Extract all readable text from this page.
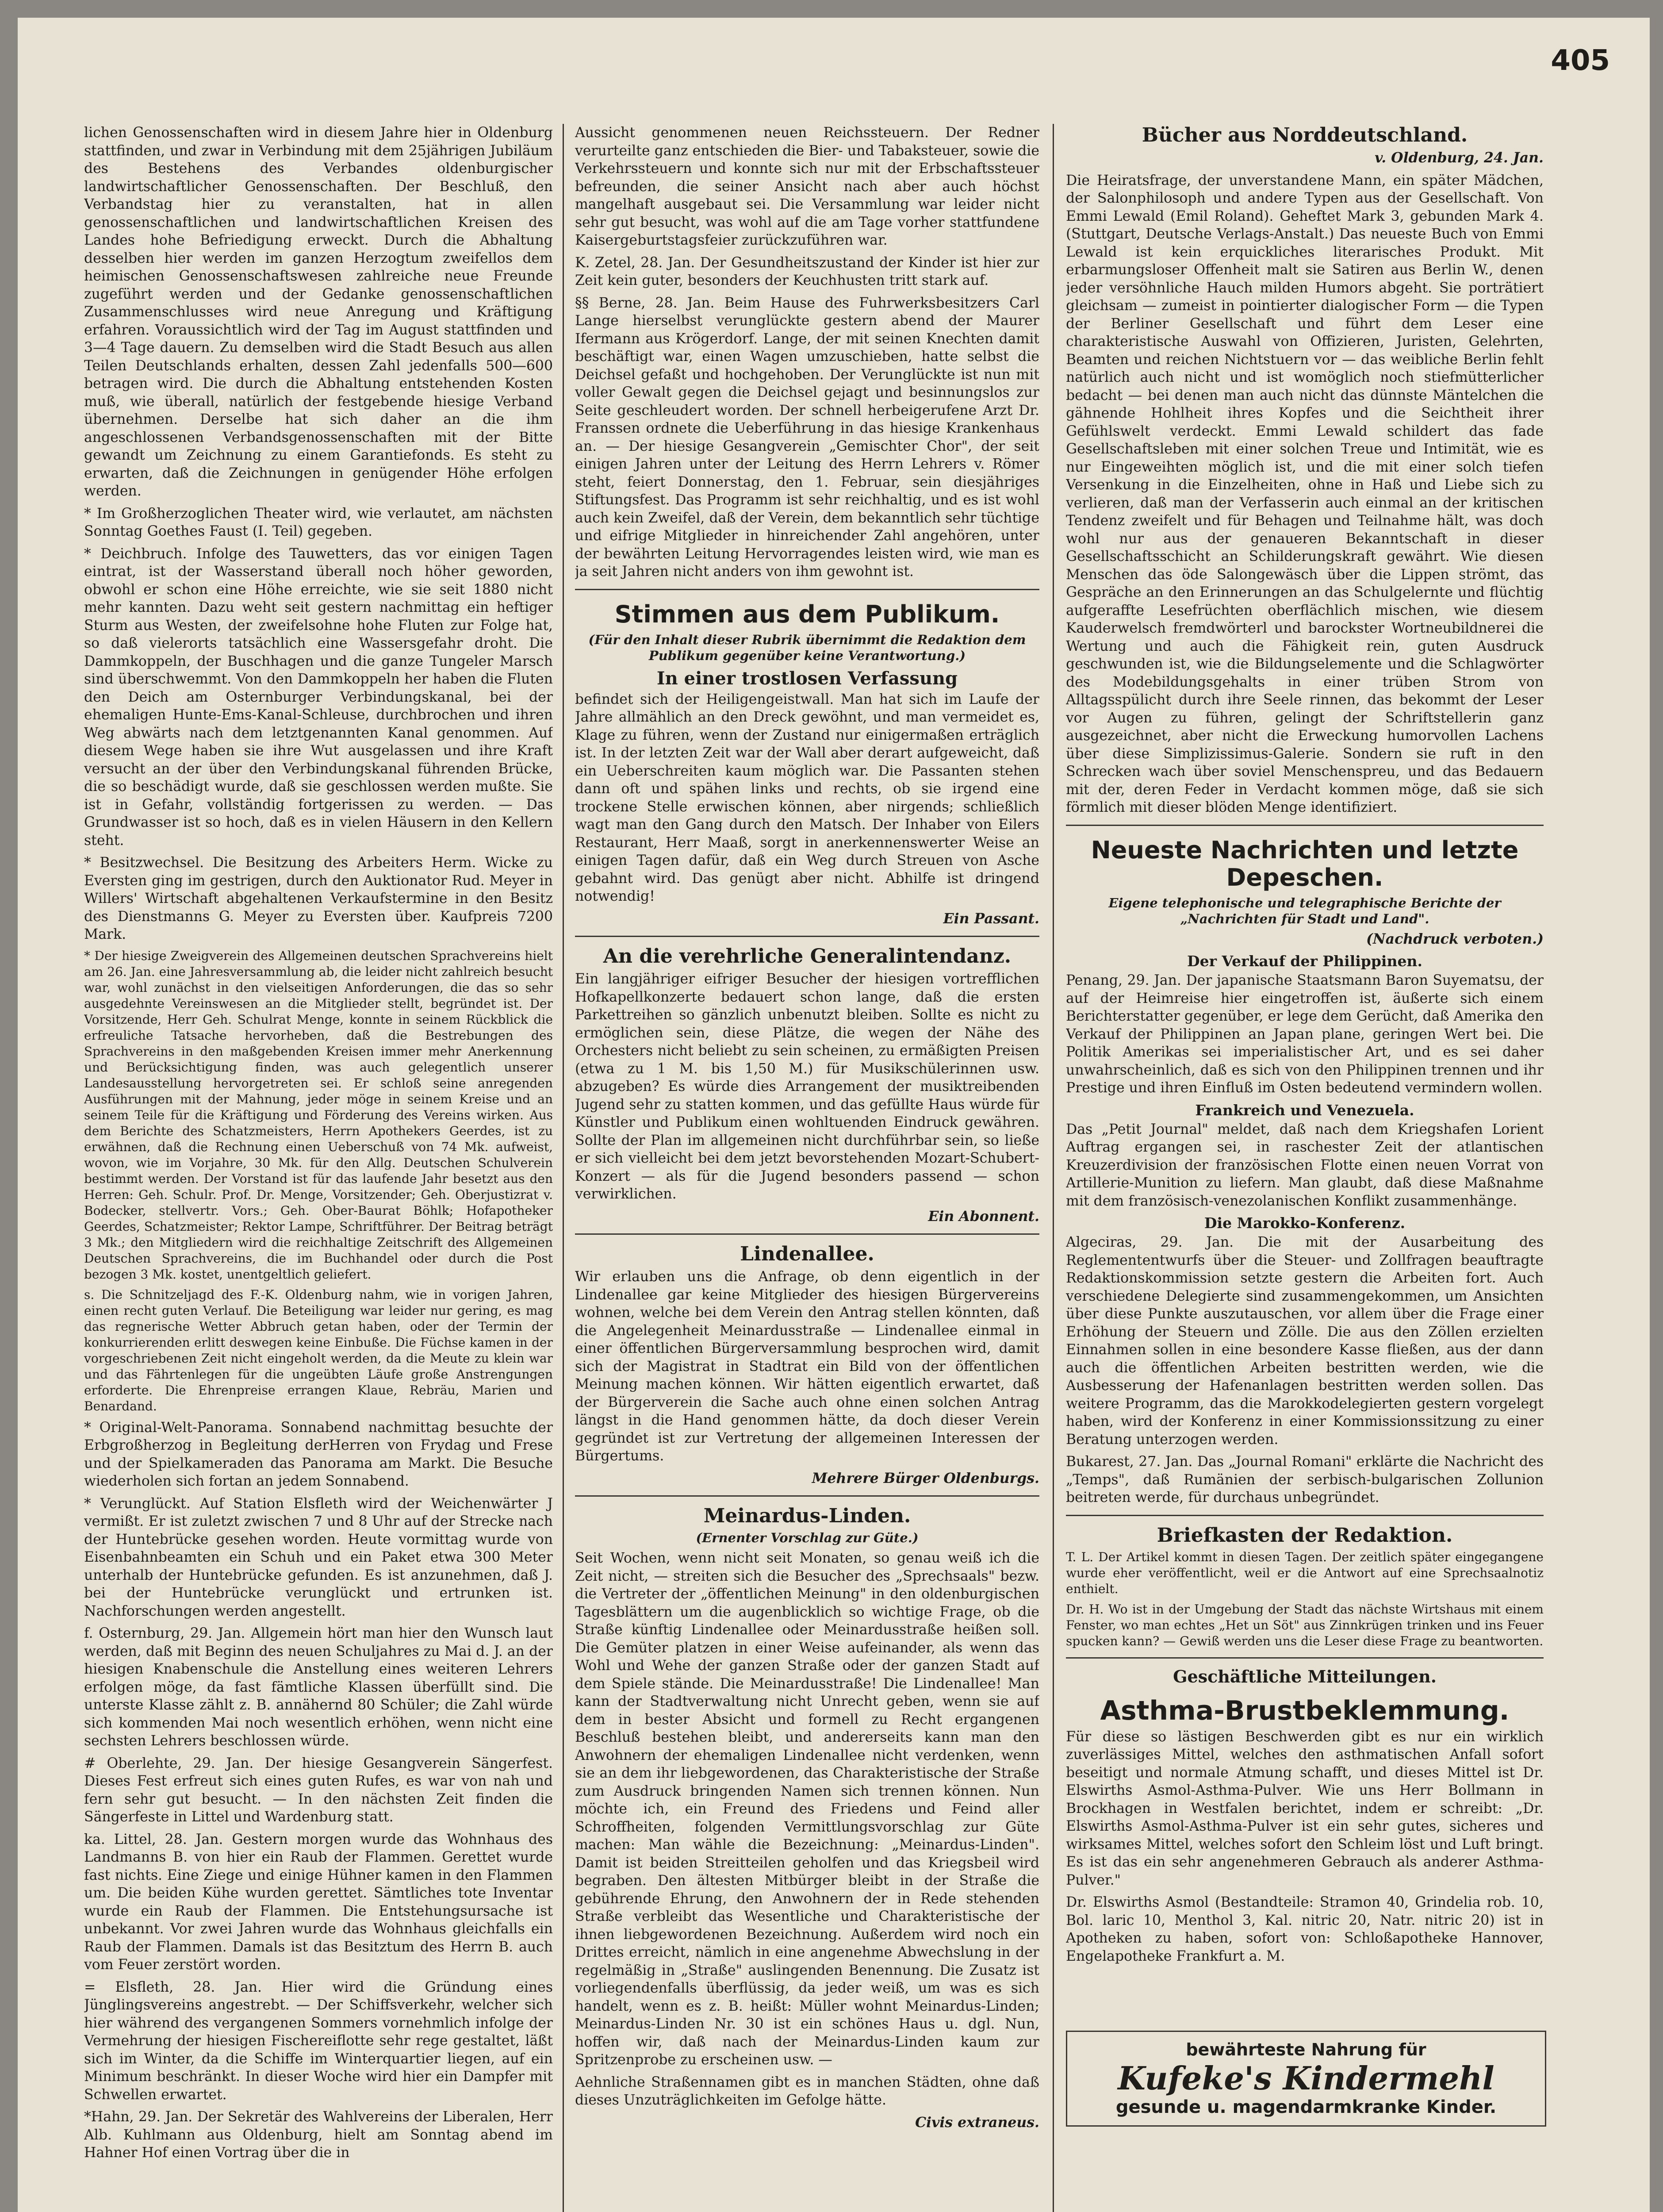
405

lichen Genossenschaften wird in diesem Jahre hier in Oldenburg stattfinden, und zwar in Verbindung mit dem 25jährigen Jubiläum des Bestehens des Verbandes oldenburgischer landwirtschaftlicher Genossenschaften. Der Beschluß, den Verbandstag hier zu veranstalten, hat in allen genossenschaftlichen und landwirtschaftlichen Kreisen des Landes hohe Befriedigung erweckt. Durch die Abhaltung desselben hier werden im ganzen Herzogtum zweifellos dem heimischen Genossenschaftswesen zahlreiche neue Freunde zugeführt werden und der Gedanke genossenschaftlichen Zusammenschlusses wird neue Anregung und Kräftigung erfahren. Voraussichtlich wird der Tag im August stattfinden und 3—4 Tage dauern. Zu demselben wird die Stadt Besuch aus allen Teilen Deutschlands erhalten, dessen Zahl jedenfalls 500—600 betragen wird. Die durch die Abhaltung entstehenden Kosten muß, wie überall, natürlich der festgebende hiesige Verband übernehmen. Derselbe hat sich daher an die ihm angeschlossenen Verbandsgenossenschaften mit der Bitte gewandt um Zeichnung zu einem Garantiefonds. Es steht zu erwarten, daß die Zeichnungen in genügender Höhe erfolgen werden.

* Im Großherzoglichen Theater wird, wie verlautet, am nächsten Sonntag Goethes Faust (I. Teil) gegeben.

* Deichbruch. Infolge des Tauwetters, das vor einigen Tagen eintrat, ist der Wasserstand überall noch höher geworden, obwohl er schon eine Höhe erreichte, wie sie seit 1880 nicht mehr kannten. Dazu weht seit gestern nachmittag ein heftiger Sturm aus Westen, der zweifelsohne hohe Fluten zur Folge hat, so daß vielerorts tatsächlich eine Wassersgefahr droht. Die Dammkoppeln, der Buschhagen und die ganze Tungeler Marsch sind überschwemmt. Von den Dammkoppeln her haben die Fluten den Deich am Osternburger Verbindungskanal, bei der ehemaligen Hunte-Ems-Kanal-Schleuse, durchbrochen und ihren Weg abwärts nach dem letztgenannten Kanal genommen. Auf diesem Wege haben sie ihre Wut ausgelassen und ihre Kraft versucht an der über den Verbindungskanal führenden Brücke, die so beschädigt wurde, daß sie geschlossen werden mußte. Sie ist in Gefahr, vollständig fortgerissen zu werden. — Das Grundwasser ist so hoch, daß es in vielen Häusern in den Kellern steht.

* Besitzwechsel. Die Besitzung des Arbeiters Herm. Wicke zu Eversten ging im gestrigen, durch den Auktionator Rud. Meyer in Willers' Wirtschaft abgehaltenen Verkaufstermine in den Besitz des Dienstmanns G. Meyer zu Eversten über. Kaufpreis 7200 Mark.

* Der hiesige Zweigverein des Allgemeinen deutschen Sprachvereins hielt am 26. Jan. eine Jahresversammlung ab, die leider nicht zahlreich besucht war, wohl zunächst in den vielseitigen Anforderungen, die das so sehr ausgedehnte Vereinswesen an die Mitglieder stellt, begründet ist. Der Vorsitzende, Herr Geh. Schulrat Menge, konnte in seinem Rückblick die erfreuliche Tatsache hervorheben, daß die Bestrebungen des Sprachvereins in den maßgebenden Kreisen immer mehr Anerkennung und Berücksichtigung finden, was auch gelegentlich unserer Landesausstellung hervorgetreten sei. Er schloß seine anregenden Ausführungen mit der Mahnung, jeder möge in seinem Kreise und an seinem Teile für die Kräftigung und Förderung des Vereins wirken. Aus dem Berichte des Schatzmeisters, Herrn Apothekers Geerdes, ist zu erwähnen, daß die Rechnung einen Ueberschuß von 74 Mk. aufweist, wovon, wie im Vorjahre, 30 Mk. für den Allg. Deutschen Schulverein bestimmt werden. Der Vorstand ist für das laufende Jahr besetzt aus den Herren: Geh. Schulr. Prof. Dr. Menge, Vorsitzender; Geh. Oberjustizrat v. Bodecker, stellvertr. Vors.; Geh. Ober-Baurat Böhlk; Hofapotheker Geerdes, Schatzmeister; Rektor Lampe, Schriftführer. Der Beitrag beträgt 3 Mk.; den Mitgliedern wird die reichhaltige Zeitschrift des Allgemeinen Deutschen Sprachvereins, die im Buchhandel oder durch die Post bezogen 3 Mk. kostet, unentgeltlich geliefert.

s. Die Schnitzeljagd des F.-K. Oldenburg nahm, wie in vorigen Jahren, einen recht guten Verlauf. Die Beteiligung war leider nur gering, es mag das regnerische Wetter Abbruch getan haben, oder der Termin der konkurrierenden erlitt deswegen keine Einbuße. Die Füchse kamen in der vorgeschriebenen Zeit nicht eingeholt werden, da die Meute zu klein war und das Fährtenlegen für die ungeübten Läufe große Anstrengungen erforderte. Die Ehrenpreise errangen Klaue, Rebräu, Marien und Benardand.

* Original-Welt-Panorama. Sonnabend nachmittag besuchte der Erbgroßherzog in Begleitung derHerren von Frydag und Frese und der Spielkameraden das Panorama am Markt. Die Besuche wiederholen sich fortan an jedem Sonnabend.

* Verunglückt. Auf Station Elsfleth wird der Weichenwärter J vermißt. Er ist zuletzt zwischen 7 und 8 Uhr auf der Strecke nach der Huntebrücke gesehen worden. Heute vormittag wurde von Eisenbahnbeamten ein Schuh und ein Paket etwa 300 Meter unterhalb der Huntebrücke gefunden. Es ist anzunehmen, daß J. bei der Huntebrücke verunglückt und ertrunken ist. Nachforschungen werden angestellt.

f. Osternburg, 29. Jan. Allgemein hört man hier den Wunsch laut werden, daß mit Beginn des neuen Schuljahres zu Mai d. J. an der hiesigen Knabenschule die Anstellung eines weiteren Lehrers erfolgen möge, da fast fämtliche Klassen überfüllt sind. Die unterste Klasse zählt z. B. annähernd 80 Schüler; die Zahl würde sich kommenden Mai noch wesentlich erhöhen, wenn nicht eine sechsten Lehrers beschlossen würde.

# Oberlehte, 29. Jan. Der hiesige Gesangverein Sängerfest. Dieses Fest erfreut sich eines guten Rufes, es war von nah und fern sehr gut besucht. — In den nächsten Zeit finden die Sängerfeste in Littel und Wardenburg statt.

ka. Littel, 28. Jan. Gestern morgen wurde das Wohnhaus des Landmanns B. von hier ein Raub der Flammen. Gerettet wurde fast nichts. Eine Ziege und einige Hühner kamen in den Flammen um. Die beiden Kühe wurden gerettet. Sämtliches tote Inventar wurde ein Raub der Flammen. Die Entstehungsursache ist unbekannt. Vor zwei Jahren wurde das Wohnhaus gleichfalls ein Raub der Flammen. Damals ist das Besitztum des Herrn B. auch vom Feuer zerstört worden.

= Elsfleth, 28. Jan. Hier wird die Gründung eines Jünglingsvereins angestrebt. — Der Schiffsverkehr, welcher sich hier während des vergangenen Sommers vornehmlich infolge der Vermehrung der hiesigen Fischereiflotte sehr rege gestaltet, läßt sich im Winter, da die Schiffe im Winterquartier liegen, auf ein Minimum beschränkt. In dieser Woche wird hier ein Dampfer mit Schwellen erwartet.

*Hahn, 29. Jan. Der Sekretär des Wahlvereins der Liberalen, Herr Alb. Kuhlmann aus Oldenburg, hielt am Sonntag abend im Hahner Hof einen Vortrag über die in

Aussicht genommenen neuen Reichssteuern. Der Redner verurteilte ganz entschieden die Bier- und Tabaksteuer, sowie die Verkehrssteuern und konnte sich nur mit der Erbschaftssteuer befreunden, die seiner Ansicht nach aber auch höchst mangelhaft ausgebaut sei. Die Versammlung war leider nicht sehr gut besucht, was wohl auf die am Tage vorher stattfundene Kaisergeburtstagsfeier zurückzuführen war.

K. Zetel, 28. Jan. Der Gesundheitszustand der Kinder ist hier zur Zeit kein guter, besonders der Keuchhusten tritt stark auf.

§§ Berne, 28. Jan. Beim Hause des Fuhrwerksbesitzers Carl Lange hierselbst verunglückte gestern abend der Maurer Ifermann aus Krögerdorf. Lange, der mit seinen Knechten damit beschäftigt war, einen Wagen umzuschieben, hatte selbst die Deichsel gefaßt und hochgehoben. Der Verunglückte ist nun mit voller Gewalt gegen die Deichsel gejagt und besinnungslos zur Seite geschleudert worden. Der schnell herbeigerufene Arzt Dr. Franssen ordnete die Ueberführung in das hiesige Krankenhaus an. — Der hiesige Gesangverein „Gemischter Chor", der seit einigen Jahren unter der Leitung des Herrn Lehrers v. Römer steht, feiert Donnerstag, den 1. Februar, sein diesjähriges Stiftungsfest. Das Programm ist sehr reichhaltig, und es ist wohl auch kein Zweifel, daß der Verein, dem bekanntlich sehr tüchtige und eifrige Mitglieder in hinreichender Zahl angehören, unter der bewährten Leitung Hervorragendes leisten wird, wie man es ja seit Jahren nicht anders von ihm gewohnt ist.

Stimmen aus dem Publikum.
(Für den Inhalt dieser Rubrik übernimmt die Redaktion dem Publikum gegenüber keine Verantwortung.)
In einer trostlosen Verfassung

befindet sich der Heiligengeistwall. Man hat sich im Laufe der Jahre allmählich an den Dreck gewöhnt, und man vermeidet es, Klage zu führen, wenn der Zustand nur einigermaßen erträglich ist. In der letzten Zeit war der Wall aber derart aufgeweicht, daß ein Ueberschreiten kaum möglich war. Die Passanten stehen dann oft und spähen links und rechts, ob sie irgend eine trockene Stelle erwischen können, aber nirgends; schließlich wagt man den Gang durch den Matsch. Der Inhaber von Eilers Restaurant, Herr Maaß, sorgt in anerkennenswerter Weise an einigen Tagen dafür, daß ein Weg durch Streuen von Asche gebahnt wird. Das genügt aber nicht. Abhilfe ist dringend notwendig!

Ein Passant.

An die verehrliche Generalintendanz.

Ein langjähriger eifriger Besucher der hiesigen vortrefflichen Hofkapellkonzerte bedauert schon lange, daß die ersten Parkettreihen so gänzlich unbenutzt bleiben. Sollte es nicht zu ermöglichen sein, diese Plätze, die wegen der Nähe des Orchesters nicht beliebt zu sein scheinen, zu ermäßigten Preisen (etwa zu 1 M. bis 1,50 M.) für Musikschülerinnen usw. abzugeben? Es würde dies Arrangement der musiktreibenden Jugend sehr zu statten kommen, und das gefüllte Haus würde für Künstler und Publikum einen wohltuenden Eindruck gewähren. Sollte der Plan im allgemeinen nicht durchführbar sein, so ließe er sich vielleicht bei dem jetzt bevorstehenden Mozart-Schubert-Konzert — als für die Jugend besonders passend — schon verwirklichen.

Ein Abonnent.

Lindenallee.

Wir erlauben uns die Anfrage, ob denn eigentlich in der Lindenallee gar keine Mitglieder des hiesigen Bürgervereins wohnen, welche bei dem Verein den Antrag stellen könnten, daß die Angelegenheit Meinardusstraße — Lindenallee einmal in einer öffentlichen Bürgerversammlung besprochen wird, damit sich der Magistrat in Stadtrat ein Bild von der öffentlichen Meinung machen können. Wir hätten eigentlich erwartet, daß der Bürgerverein die Sache auch ohne einen solchen Antrag längst in die Hand genommen hätte, da doch dieser Verein gegründet ist zur Vertretung der allgemeinen Interessen der Bürgertums.

Mehrere Bürger Oldenburgs.

Meinardus-Linden.
(Ernenter Vorschlag zur Güte.)

Seit Wochen, wenn nicht seit Monaten, so genau weiß ich die Zeit nicht, — streiten sich die Besucher des „Sprechsaals" bezw. die Vertreter der „öffentlichen Meinung" in den oldenburgischen Tagesblättern um die augenblicklich so wichtige Frage, ob die Straße künftig Lindenallee oder Meinardusstraße heißen soll. Die Gemüter platzen in einer Weise aufeinander, als wenn das Wohl und Wehe der ganzen Straße oder der ganzen Stadt auf dem Spiele stände. Die Meinardusstraße! Die Lindenallee! Man kann der Stadtverwaltung nicht Unrecht geben, wenn sie auf dem in bester Absicht und formell zu Recht ergangenen Beschluß bestehen bleibt, und andererseits kann man den Anwohnern der ehemaligen Lindenallee nicht verdenken, wenn sie an dem ihr liebgewordenen, das Charakteristische der Straße zum Ausdruck bringenden Namen sich trennen können. Nun möchte ich, ein Freund des Friedens und Feind aller Schroffheiten, folgenden Vermittlungsvorschlag zur Güte machen: Man wähle die Bezeichnung: „Meinardus-Linden". Damit ist beiden Streitteilen geholfen und das Kriegsbeil wird begraben. Den ältesten Mitbürger bleibt in der Straße die gebührende Ehrung, den Anwohnern der in Rede stehenden Straße verbleibt das Wesentliche und Charakteristische der ihnen liebgewordenen Bezeichnung. Außerdem wird noch ein Drittes erreicht, nämlich in eine angenehme Abwechslung in der regelmäßig in „Straße" auslingenden Benennung. Die Zusatz ist vorliegendenfalls überflüssig, da jeder weiß, um was es sich handelt, wenn es z. B. heißt: Müller wohnt Meinardus-Linden; Meinardus-Linden Nr. 30 ist ein schönes Haus u. dgl. Nun, hoffen wir, daß nach der Meinardus-Linden kaum zur Spritzenprobe zu erscheinen usw. —

Aehnliche Straßennamen gibt es in manchen Städten, ohne daß dieses Unzuträglichkeiten im Gefolge hätte.

Civis extraneus.

Bücher aus Norddeutschland.

v. Oldenburg, 24. Jan.

Die Heiratsfrage, der unverstandene Mann, ein später Mädchen, der Salonphilosoph und andere Typen aus der Gesellschaft. Von Emmi Lewald (Emil Roland). Geheftet Mark 3, gebunden Mark 4. (Stuttgart, Deutsche Verlags-Anstalt.) Das neueste Buch von Emmi Lewald ist kein erquickliches literarisches Produkt. Mit erbarmungsloser Offenheit malt sie Satiren aus Berlin W., denen jeder versöhnliche Hauch milden Humors abgeht. Sie porträtiert gleichsam — zumeist in pointierter dialogischer Form — die Typen der Berliner Gesellschaft und führt dem Leser eine charakteristische Auswahl von Offizieren, Juristen, Gelehrten, Beamten und reichen Nichtstuern vor — das weibliche Berlin fehlt natürlich auch nicht und ist womöglich noch stiefmütterlicher bedacht — bei denen man auch nicht das dünnste Mäntelchen die gähnende Hohlheit ihres Kopfes und die Seichtheit ihrer Gefühlswelt verdeckt. Emmi Lewald schildert das fade Gesellschaftsleben mit einer solchen Treue und Intimität, wie es nur Eingeweihten möglich ist, und die mit einer solch tiefen Versenkung in die Einzelheiten, ohne in Haß und Liebe sich zu verlieren, daß man der Verfasserin auch einmal an der kritischen Tendenz zweifelt und für Behagen und Teilnahme hält, was doch wohl nur aus der genaueren Bekanntschaft in dieser Gesellschaftsschicht an Schilderungskraft gewährt. Wie diesen Menschen das öde Salongewäsch über die Lippen strömt, das Gespräche an den Erinnerungen an das Schulgelernte und flüchtig aufgeraffte Lesefrüchten oberflächlich mischen, wie diesem Kauderwelsch fremdwörterl und barockster Wortneubildnerei die Wertung und auch die Fähigkeit rein, guten Ausdruck geschwunden ist, wie die Bildungselemente und die Schlagwörter des Modebildungsgehalts in einer trüben Strom von Alltagsspülicht durch ihre Seele rinnen, das bekommt der Leser vor Augen zu führen, gelingt der Schriftstellerin ganz ausgezeichnet, aber nicht die Erweckung humorvollen Lachens über diese Simplizissimus-Galerie. Sondern sie ruft in den Schrecken wach über soviel Menschenspreu, und das Bedauern mit der, deren Feder in Verdacht kommen möge, daß sie sich förmlich mit dieser blöden Menge identifiziert.

Neueste Nachrichten und letzte Depeschen.
Eigene telephonische und telegraphische Berichte der „Nachrichten für Stadt und Land".

(Nachdruck verboten.)

Der Verkauf der Philippinen.

Penang, 29. Jan. Der japanische Staatsmann Baron Suyematsu, der auf der Heimreise hier eingetroffen ist, äußerte sich einem Berichterstatter gegenüber, er lege dem Gerücht, daß Amerika den Verkauf der Philippinen an Japan plane, geringen Wert bei. Die Politik Amerikas sei imperialistischer Art, und es sei daher unwahrscheinlich, daß es sich von den Philippinen trennen und ihr Prestige und ihren Einfluß im Osten bedeutend vermindern wollen.

Frankreich und Venezuela.

Das „Petit Journal" meldet, daß nach dem Kriegshafen Lorient Auftrag ergangen sei, in raschester Zeit der atlantischen Kreuzerdivision der französischen Flotte einen neuen Vorrat von Artillerie-Munition zu liefern. Man glaubt, daß diese Maßnahme mit dem französisch-venezolanischen Konflikt zusammenhänge.

Die Marokko-Konferenz.

Algeciras, 29. Jan. Die mit der Ausarbeitung des Reglemententwurfs über die Steuer- und Zollfragen beauftragte Redaktionskommission setzte gestern die Arbeiten fort. Auch verschiedene Delegierte sind zusammengekommen, um Ansichten über diese Punkte auszutauschen, vor allem über die Frage einer Erhöhung der Steuern und Zölle. Die aus den Zöllen erzielten Einnahmen sollen in eine besondere Kasse fließen, aus der dann auch die öffentlichen Arbeiten bestritten werden, wie die Ausbesserung der Hafenanlagen bestritten werden sollen. Das weitere Programm, das die Marokkodelegierten gestern vorgelegt haben, wird der Konferenz in einer Kommissionssitzung zu einer Beratung unterzogen werden.

Bukarest, 27. Jan. Das „Journal Romani" erklärte die Nachricht des „Temps", daß Rumänien der serbisch-bulgarischen Zollunion beitreten werde, für durchaus unbegründet.

Briefkasten der Redaktion.

T. L. Der Artikel kommt in diesen Tagen. Der zeitlich später eingegangene wurde eher veröffentlicht, weil er die Antwort auf eine Sprechsaalnotiz enthielt.

Dr. H. Wo ist in der Umgebung der Stadt das nächste Wirtshaus mit einem Fenster, wo man echtes „Het un Söt" aus Zinnkrügen trinken und ins Feuer spucken kann? — Gewiß werden uns die Leser diese Frage zu beantworten.

Geschäftliche Mitteilungen.
Asthma-Brustbeklemmung.

Für diese so lästigen Beschwerden gibt es nur ein wirklich zuverlässiges Mittel, welches den asthmatischen Anfall sofort beseitigt und normale Atmung schafft, und dieses Mittel ist Dr. Elswirths Asmol-Asthma-Pulver. Wie uns Herr Bollmann in Brockhagen in Westfalen berichtet, indem er schreibt: „Dr. Elswirths Asmol-Asthma-Pulver ist ein sehr gutes, sicheres und wirksames Mittel, welches sofort den Schleim löst und Luft bringt. Es ist das ein sehr angenehmeren Gebrauch als anderer Asthma-Pulver."

Dr. Elswirths Asmol (Bestandteile: Stramon 40, Grindelia rob. 10, Bol. laric 10, Menthol 3, Kal. nitric 20, Natr. nitric 20) ist in Apotheken zu haben, sofort von: Schloßapotheke Hannover, Engelapotheke Frankfurt a. M.

bewährteste Nahrung für
Kufeke's Kindermehl
gesunde u. magendarmkranke Kinder.
